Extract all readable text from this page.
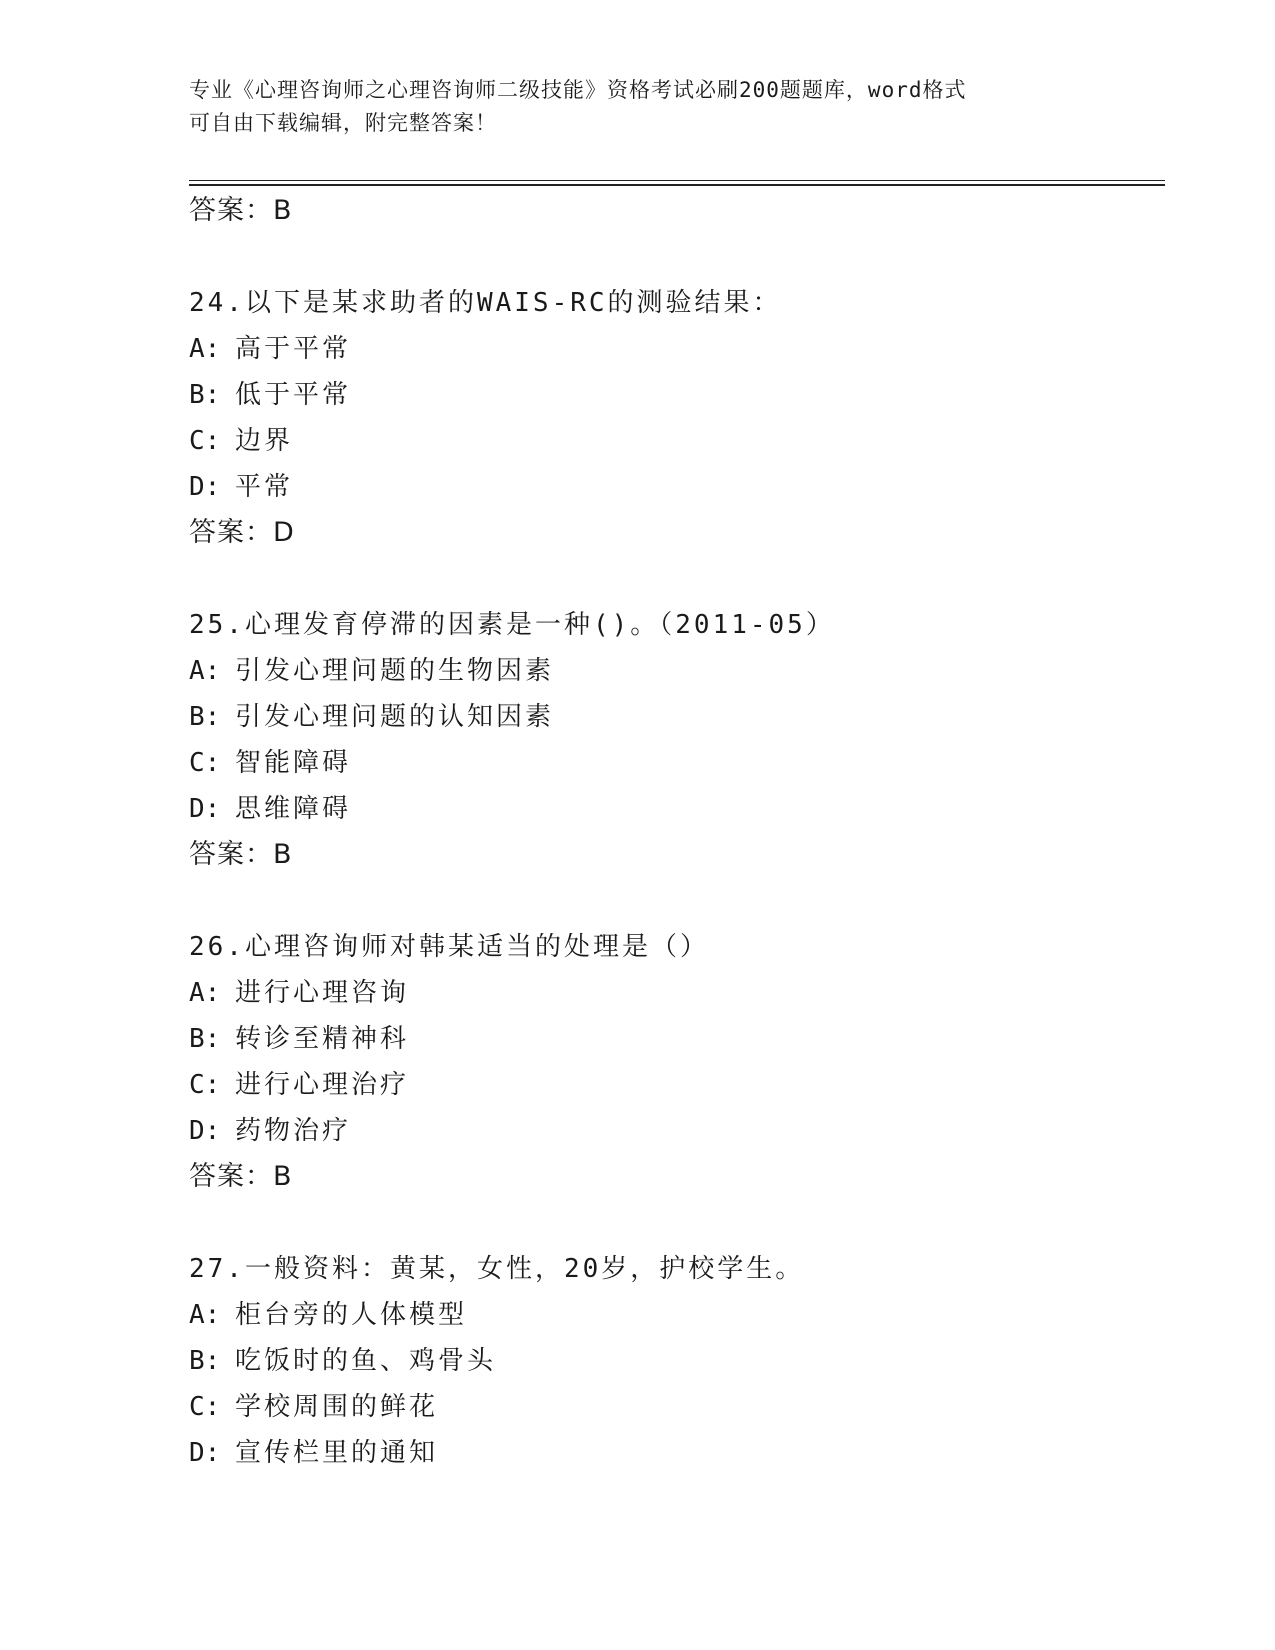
专业《心理咨询师之心理咨询师二级技能》资格考试必刷200题题库，word格式
可自由下载编辑，附完整答案！
答案：B
24.以下是某求助者的WAIS-RC的测验结果：
A: 高于平常
B: 低于平常
C: 边界
D: 平常
答案：D
25.心理发育停滞的因素是一种()。（2011-05）
A: 引发心理问题的生物因素
B: 引发心理问题的认知因素
C: 智能障碍
D: 思维障碍
答案：B
26.心理咨询师对韩某适当的处理是（）
A: 进行心理咨询
B: 转诊至精神科
C: 进行心理治疗
D: 药物治疗
答案：B
27.一般资料：黄某，女性，20岁，护校学生。
A: 柜台旁的人体模型
B: 吃饭时的鱼、鸡骨头
C: 学校周围的鲜花
D: 宣传栏里的通知
